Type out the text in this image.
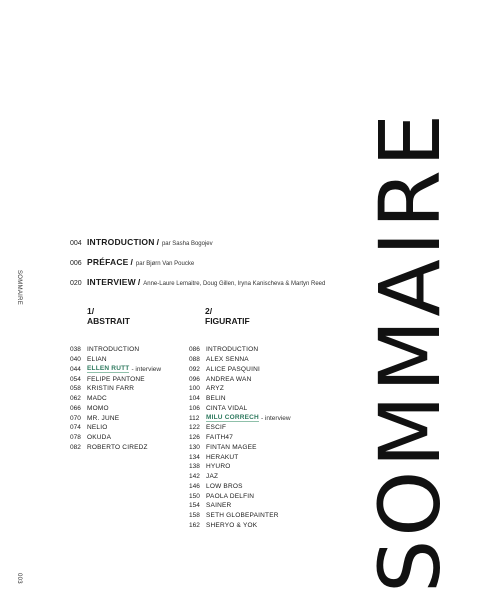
SOMMAIRE
003	SOMMAIRE
004 INTRODUCTION / par Sasha Bogojev
006 PRÉFACE / par Bjørn Van Poucke
020 INTERVIEW / Anne-Laure Lemaitre, Doug Gillen, Iryna Kanischeva & Martyn Reed
1/
ABSTRAIT
2/
FIGURATIF
038 INTRODUCTION
040 ELIAN
044 ELLEN RUTT - interview
054 FELIPE PANTONE
058 KRISTIN FARR
062 MADC
066 MOMO
070 MR. JUNE
074 NELIO
078 OKUDA
082 ROBERTO CIREDZ
086 INTRODUCTION
088 ALEX SENNA
092 ALICE PASQUINI
096 ANDREA WAN
100 ARYZ
104 BELIN
106 CINTA VIDAL
112	MILU CORRECH - interview
122 ESCIF
126 FAITH47
130 FINTAN MAGEE
134 HERAKUT
138 HYURO
142 JAZ
146 LOW BROS
150 PAOLA DELFIN
154 SAINER
158 SETH GLOBEPAINTER
162 SHERYO & YOK
